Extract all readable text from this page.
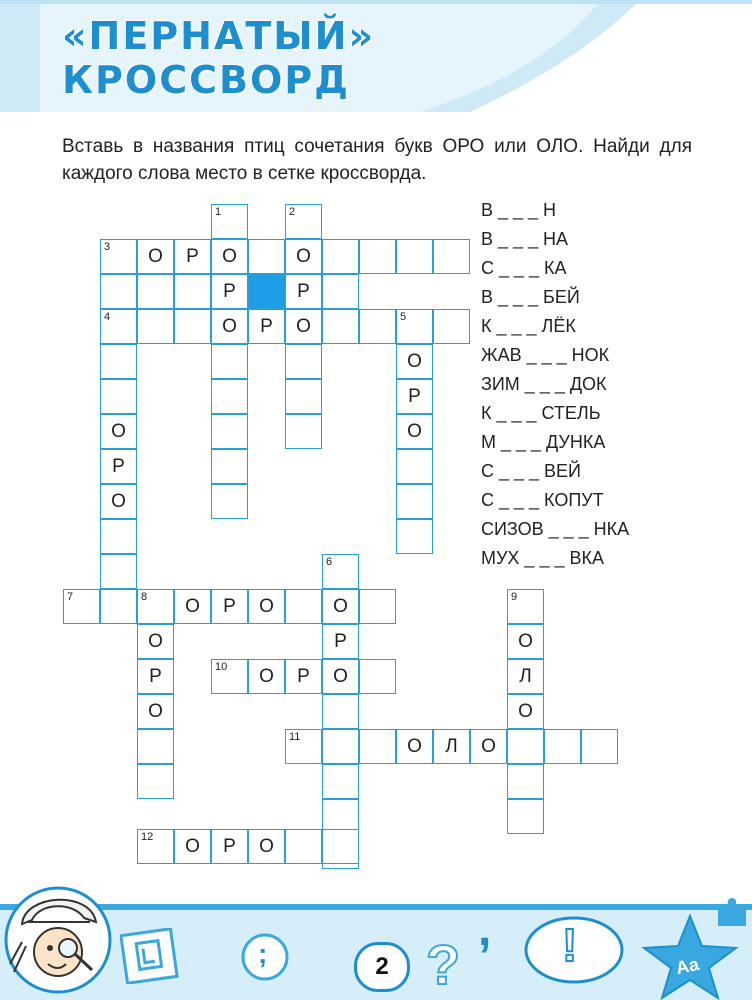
«ПЕРНАТЫЙ»
КРОССВОРД
Вставь в названия птиц сочетания букв ОРО или ОЛО. Найди для каждого слова место в сетке кроссворда.
О	Р	О	О
Р	Р
О	Р	О
О
Р
О
О
Р
О
О
Р
О
О	Р	О
О
Р
О
О	Р
О
Л
О
О	Л	О
О	Р	О
1	2
3
4	5
6
7	8	9
10
11
12
В _ _ _ Н
В _ _ _ НА
С _ _ _ КА
В _ _ _ БЕЙ
К _ _ _ ЛЁК
ЖАВ _ _ _ НОК
ЗИМ _ _ _ ДОК
К _ _ _ СТЕЛЬ
М _ _ _ ДУНКА
С _ _ _ ВЕЙ
С _ _ _ КОПУТ
СИЗОВ _ _ _ НКА
МУХ _ _ _ ВКА
;	2 ?
, !	Aa
